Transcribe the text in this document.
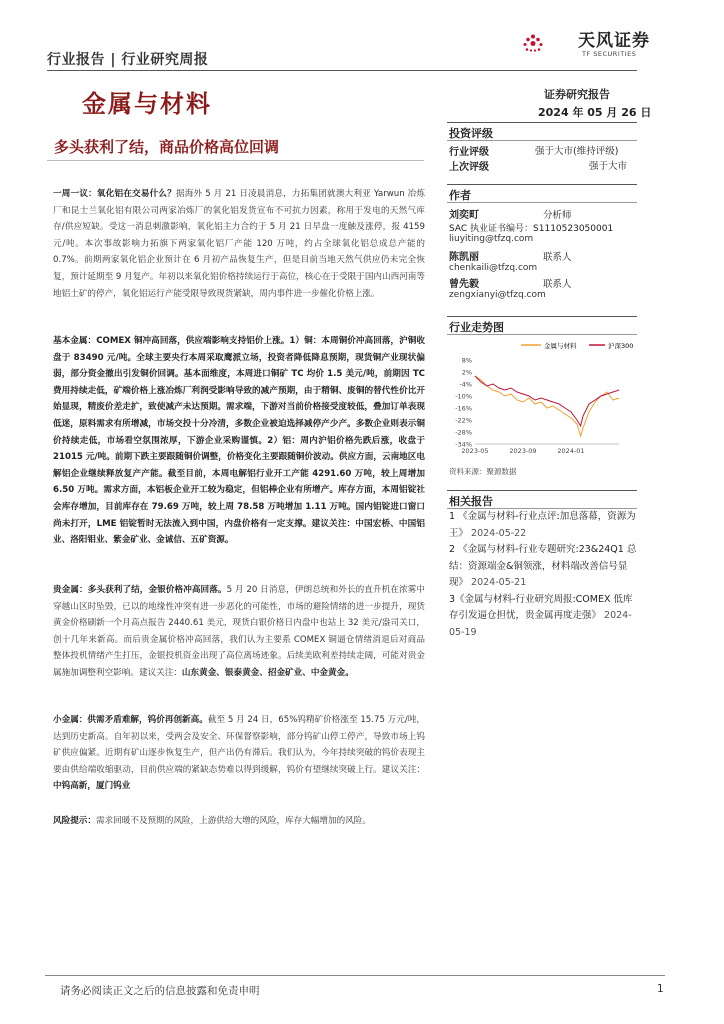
行业报告 | 行业研究周报
天风证券
TF SECURITIES
金属与材料	证券研究报告
2024 年 05 月 26 日
多头获利了结，商品价格高位回调
投资评级
行业评级	强于大市(维持评级)
上次评级	强于大市
作者
刘奕町	分析师
SAC 执业证书编号：S1110523050001
liuyiting@tfzq.com
陈凯丽	联系人
chenkaili@tfzq.com
曾先毅	联系人
zengxianyi@tfzq.com
行业走势图
金属与材料	沪深300
8%
2%
-4%
-10%
-16%
-22%
-28%
-34%
2023-05	2023-09	2024-01
资料来源：聚源数据
相关报告
1 《金属与材料-行业点评:加息落幕，资源为王》 2024-05-22
2 《金属与材料-行业专题研究:23&24Q1 总结：资源端金&铜领涨，材料端改善信号显现》 2024-05-21
3《金属与材料-行业研究周报:COMEX 低库存引发逼仓担忧，贵金属再度走强》 2024-05-19
一周一议：氧化铝在交易什么？据海外 5 月 21 日凌晨消息，力拓集团就澳大利亚 Yarwun 冶炼厂和昆士兰氧化铝有限公司两家冶炼厂的氧化铝发货宣布不可抗力因素，称用于发电的天然气库存/供应短缺。受这一消息刺激影响，氧化铝主力合约于 5 月 21 日早盘一度触及涨停，报 4159 元/吨。本次事故影响力拓旗下两家氧化铝厂产能 120 万吨，约占全球氧化铝总成总产能的 0.7%。前期两家氧化铝企业预计在 6 月初产品恢复生产，但是目前当地天然气供应仍未完全恢复，预计延期至 9 月复产。年初以来氧化铝价格持续运行于高位，核心在于受限于国内山西河南等地铝土矿的停产，氧化铝运行产能受限导致现货紧缺，周内事件进一步催化价格上涨。
基本金属：COMEX 铜冲高回落，供应端影响支持铝价上涨。1）铜：本周铜价冲高回落，沪铜收盘于 83490 元/吨。全球主要央行本周采取鹰派立场，投资者降低降息预期，现货铜产业现状偏弱，部分资金撤出引发铜价回调。基本面维度，本周进口铜矿 TC 均价 1.5 美元/吨，前期因 TC 费用持续走低，矿端价格上涨冶炼厂利润受影响导致的减产预期，由于精铜、废铜的替代性价比开始显现，精废价差走扩，致使减产未达预期。需求端，下游对当前价格接受度较低，叠加订单表现低迷，原料需求有所增减，市场交投十分冷清，多数企业被迫选择减停产少产。多数企业则表示铜价持续走低，市场看空氛围浓厚，下游企业采购谨慎。2）铝：周内沪铝价格先跌后涨，收盘于 21015 元/吨。前期下跌主要跟随铜价调整，价格变化主要跟随铜价波动。供应方面，云南地区电解铝企业继续释放复产产能。截至目前，本周电解铝行业开工产能 4291.60 万吨，较上周增加 6.50 万吨。需求方面，本铝板企业开工较为稳定，但铝棒企业有所增产。库存方面，本周铝锭社会库存增加，目前库存在 79.69 万吨，较上周 78.58 万吨增加 1.11 万吨。国内铝锭进口窗口尚未打开，LME 铝锭暂时无法流入到中国，内盘价格有一定支撑。建议关注：中国宏桥、中国铝业、洛阳钼业、紫金矿业、金诚信、五矿资源。
贵金属：多头获利了结，金银价格冲高回落。5 月 20 日消息，伊朗总统和外长的直升机在浓雾中穿越山区时坠毁，已以的地缘性冲突有进一步恶化的可能性，市场的避险情绪的进一步提升，现货黄金价格刷新一个月高点报告 2440.61 美元，现货白银价格日内盘中也站上 32 美元/盎司关口，创十几年来新高。而后贵金属价格冲高回落，我们认为主要系 COMEX 铜逼仓情绪消退后对商品整体投机情绪产生打压，金银投机资金出现了高位离场迹象。后续美欧利差持续走阔，可能对贵金属施加调整利空影响。建议关注：山东黄金、银泰黄金、招金矿业、中金黄金。
小金属：供需矛盾难解，钨价再创新高。截至 5 月 24 日，65%钨精矿价格涨至 15.75 万元/吨，达到历史新高。自年初以来，受两会及安全、环保督察影响，部分钨矿山停工停产，导致市场上钨矿供应偏紧。近期有矿山逐步恢复生产，但产出仍有滞后。我们认为，今年持续突破的钨价表现主要由供给端收缩驱动，目前供应端的紧缺态势难以得到缓解，钨价有望继续突破上行。建议关注：中钨高新，厦门钨业
风险提示：需求回暖不及预期的风险，上游供给大增的风险，库存大幅增加的风险。
请务必阅读正文之后的信息披露和免责申明	1
